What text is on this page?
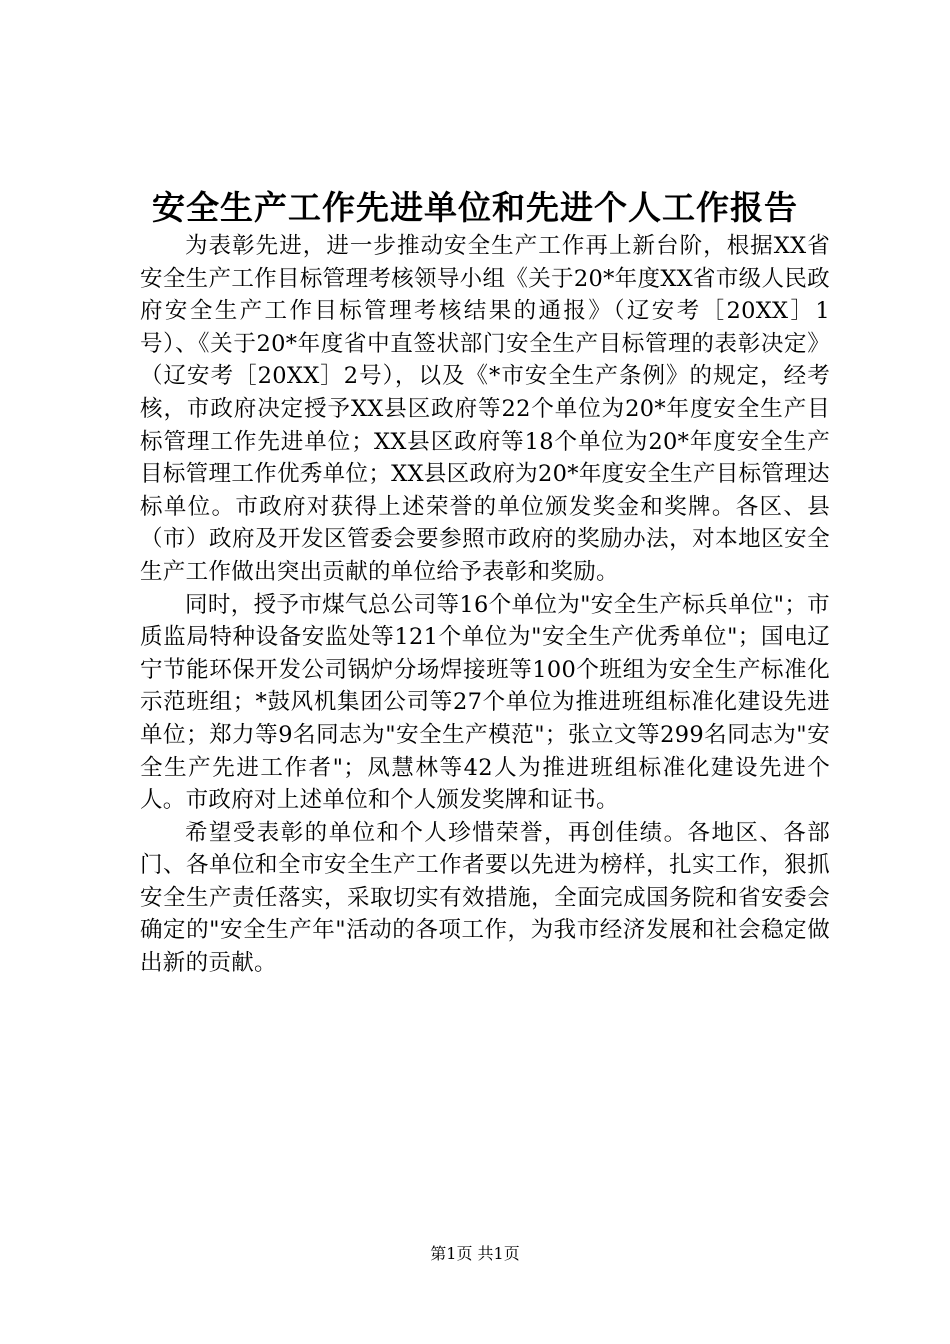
安全生产工作先进单位和先进个人工作报告

为表彰先进，进一步推动安全生产工作再上新台阶，根据XX省安全生产工作目标管理考核领导小组《关于20*年度XX省市级人民政府安全生产工作目标管理考核结果的通报》（辽安考［20XX］1号）、《关于20*年度省中直签状部门安全生产目标管理的表彰决定》（辽安考［20XX］2号），以及《*市安全生产条例》的规定，经考核，市政府决定授予XX县区政府等22个单位为20*年度安全生产目标管理工作先进单位；XX县区政府等18个单位为20*年度安全生产目标管理工作优秀单位；XX县区政府为20*年度安全生产目标管理达标单位。市政府对获得上述荣誉的单位颁发奖金和奖牌。各区、县（市）政府及开发区管委会要参照市政府的奖励办法，对本地区安全生产工作做出突出贡献的单位给予表彰和奖励。

同时，授予市煤气总公司等16个单位为"安全生产标兵单位"；市质监局特种设备安监处等121个单位为"安全生产优秀单位"；国电辽宁节能环保开发公司锅炉分场焊接班等100个班组为安全生产标准化示范班组；*鼓风机集团公司等27个单位为推进班组标准化建设先进单位；郑力等9名同志为"安全生产模范"；张立文等299名同志为"安全生产先进工作者"；凤慧林等42人为推进班组标准化建设先进个人。市政府对上述单位和个人颁发奖牌和证书。

希望受表彰的单位和个人珍惜荣誉，再创佳绩。各地区、各部门、各单位和全市安全生产工作者要以先进为榜样，扎实工作，狠抓安全生产责任落实，采取切实有效措施，全面完成国务院和省安委会确定的"安全生产年"活动的各项工作，为我市经济发展和社会稳定做出新的贡献。

第1页 共1页
